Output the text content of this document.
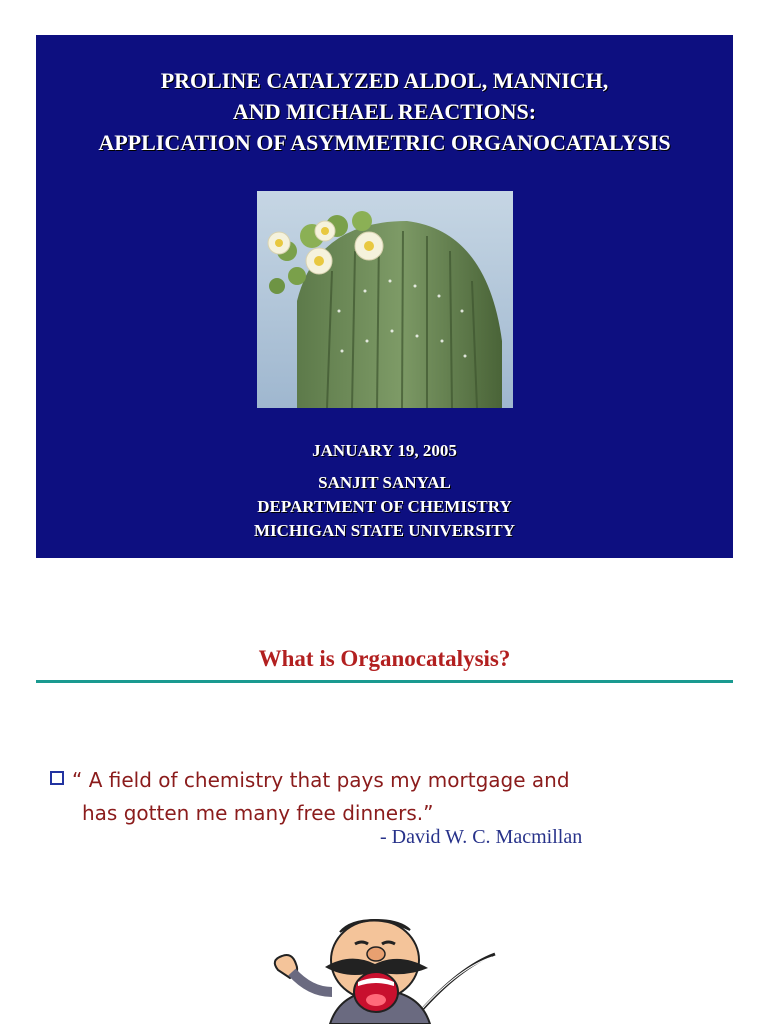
PROLINE CATALYZED ALDOL, MANNICH,
AND MICHAEL REACTIONS:
APPLICATION OF ASYMMETRIC ORGANOCATALYSIS
JANUARY 19, 2005
SANJIT SANYAL
DEPARTMENT OF CHEMISTRY
MICHIGAN STATE UNIVERSITY
What is Organocatalysis?
“ A field of chemistry that pays my mortgage and
has gotten me many free dinners.”
- David W. C. Macmillan
